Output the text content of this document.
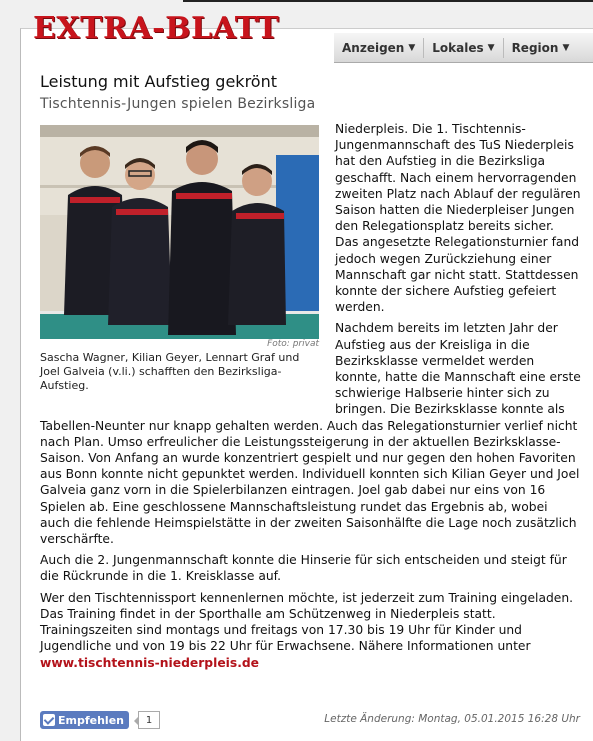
EXTRA-BLATT
Anzeigen ▼ Lokales ▼ Region ▼
Leistung mit Aufstieg gekrönt
Tischtennis-Jungen spielen Bezirksliga

Niederpleis. Die 1. Tischtennis-Jungenmannschaft des TuS Niederpleis hat den Aufstieg in die Bezirksliga geschafft. Nach einem hervorragenden zweiten Platz nach Ablauf der regulären Saison hatten die Niederpleiser Jungen den Relegationsplatz bereits sicher. Das angesetzte Relegationsturnier fand jedoch wegen Zurückziehung einer Mannschaft gar nicht statt. Stattdessen konnte der sichere Aufstieg gefeiert werden.

Nachdem bereits im letzten Jahr der Aufstieg aus der Kreisliga in die Bezirksklasse vermeldet werden konnte, hatte die Mannschaft eine erste schwierige Halbserie hinter sich zu bringen. Die Bezirksklasse konnte als Tabellen-Neunter nur knapp gehalten werden. Auch das Relegationsturnier verlief nicht nach Plan. Umso erfreulicher die Leistungssteigerung in der aktuellen Bezirksklasse-Saison. Von Anfang an wurde konzentriert gespielt und nur gegen den hohen Favoriten aus Bonn konnte nicht gepunktet werden. Individuell konnten sich Kilian Geyer und Joel Galveia ganz vorn in die Spielerbilanzen eintragen. Joel gab dabei nur eins von 16 Spielen ab. Eine geschlossene Mannschaftsleistung rundet das Ergebnis ab, wobei auch die fehlende Heimspielstätte in der zweiten Saisonhälfte die Lage noch zusätzlich verschärfte.

Auch die 2. Jungenmannschaft konnte die Hinserie für sich entscheiden und steigt für die Rückrunde in die 1. Kreisklasse auf.

Wer den Tischtennissport kennenlernen möchte, ist jederzeit zum Training eingeladen. Das Training findet in der Sporthalle am Schützenweg in Niederpleis statt. Trainingszeiten sind montags und freitags von 17.30 bis 19 Uhr für Kinder und Jugendliche und von 19 bis 22 Uhr für Erwachsene. Nähere Informationen unter
www.tischtennis-niederpleis.de

Foto: privat
Sascha Wagner, Kilian Geyer, Lennart Graf und Joel Galveia (v.li.) schafften den Bezirksliga-Aufstieg.
Empfehlen	1	Letzte Änderung: Montag, 05.01.2015 16:28 Uhr
